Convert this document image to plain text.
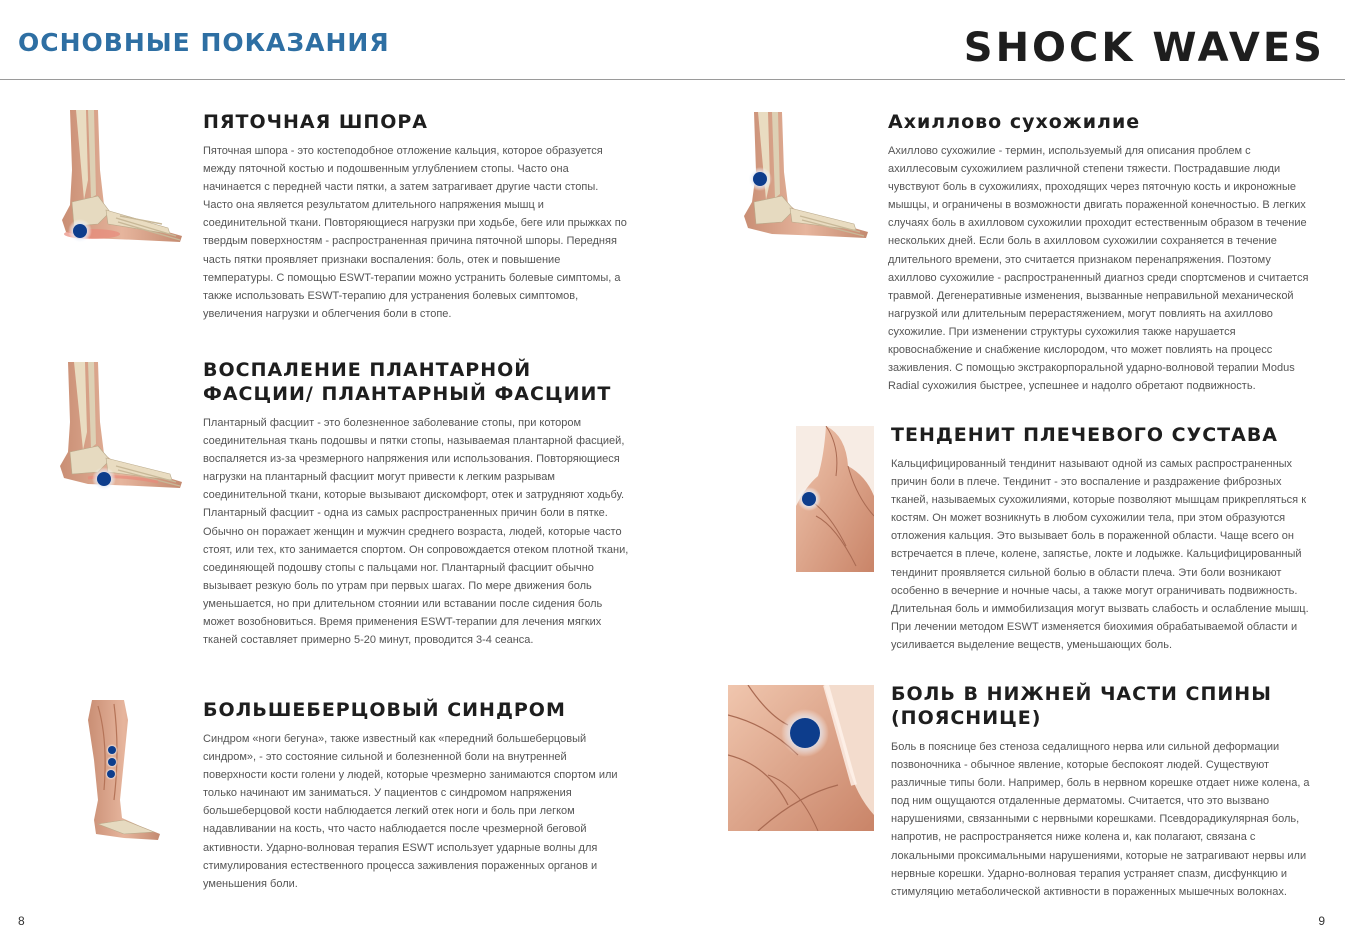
ОСНОВНЫЕ ПОКАЗАНИЯ	SHOCK WAVES
ПЯТОЧНАЯ ШПОРА

Пяточная шпора - это костеподобное отложение кальция, которое образуется между пяточной костью и подошвенным углублением стопы. Часто она начинается с передней части пятки, а затем затрагивает другие части стопы. Часто она является результатом длительного напряжения мышц и соединительной ткани. Повторяющиеся нагрузки при ходьбе, беге или прыжках по твердым поверхностям - распространенная причина пяточной шпоры. Передняя часть пятки проявляет признаки воспаления: боль, отек и повышение температуры. С помощью ESWT-терапии можно устранить болевые симптомы, а также использовать ESWT-терапию для устранения болевых симптомов, увеличения нагрузки и облегчения боли в стопе.

ВОСПАЛЕНИЕ ПЛАНТАРНОЙ ФАСЦИИ/ ПЛАНТАРНЫЙ ФАСЦИИТ

Плантарный фасциит - это болезненное заболевание стопы, при котором соединительная ткань подошвы и пятки стопы, называемая плантарной фасцией, воспаляется из-за чрезмерного напряжения или использования. Повторяющиеся нагрузки на плантарный фасциит могут привести к легким разрывам соединительной ткани, которые вызывают дискомфорт, отек и затрудняют ходьбу. Плантарный фасциит - одна из самых распространенных причин боли в пятке. Обычно он поражает женщин и мужчин среднего возраста, людей, которые часто стоят, или тех, кто занимается спортом. Он сопровождается отеком плотной ткани, соединяющей подошву стопы с пальцами ног. Плантарный фасциит обычно вызывает резкую боль по утрам при первых шагах. По мере движения боль уменьшается, но при длительном стоянии или вставании после сидения боль может возобновиться. Время применения ESWT-терапии для лечения мягких тканей составляет примерно 5-20 минут, проводится 3-4 сеанса.

БОЛЬШЕБЕРЦОВЫЙ СИНДРОМ

Синдром «ноги бегуна», также известный как «передний большеберцовый синдром», - это состояние сильной и болезненной боли на внутренней поверхности кости голени у людей, которые чрезмерно занимаются спортом или только начинают им заниматься. У пациентов с синдромом напряжения большеберцовой кости наблюдается легкий отек ноги и боль при легком надавливании на кость, что часто наблюдается после чрезмерной беговой активности. Ударно-волновая терапия ESWT использует ударные волны для стимулирования естественного процесса заживления пораженных органов и уменьшения боли.

Ахиллово сухожилие

Ахиллово сухожилие - термин, используемый для описания проблем с ахиллесовым сухожилием различной степени тяжести. Пострадавшие люди чувствуют боль в сухожилиях, проходящих через пяточную кость и икроножные мышцы, и ограничены в возможности двигать пораженной конечностью. В легких случаях боль в ахилловом сухожилии проходит естественным образом в течение нескольких дней. Если боль в ахилловом сухожилии сохраняется в течение длительного времени, это считается признаком перенапряжения. Поэтому ахиллово сухожилие - распространенный диагноз среди спортсменов и считается травмой. Дегенеративные изменения, вызванные неправильной механической нагрузкой или длительным перерастяжением, могут повлиять на ахиллово сухожилие. При изменении структуры сухожилия также нарушается кровоснабжение и снабжение кислородом, что может повлиять на процесс заживления. С помощью экстракорпоральной ударно-волновой терапии Modus Radial сухожилия быстрее, успешнее и надолго обретают подвижность.

ТЕНДЕНИТ ПЛЕЧЕВОГО СУСТАВА

Кальцифицированный тендинит называют одной из самых распространенных причин боли в плече. Тендинит - это воспаление и раздражение фиброзных тканей, называемых сухожилиями, которые позволяют мышцам прикрепляться к костям. Он может возникнуть в любом сухожилии тела, при этом образуются отложения кальция. Это вызывает боль в пораженной области. Чаще всего он встречается в плече, колене, запястье, локте и лодыжке. Кальцифицированный тендинит проявляется сильной болью в области плеча. Эти боли возникают особенно в вечерние и ночные часы, а также могут ограничивать подвижность. Длительная боль и иммобилизация могут вызвать слабость и ослабление мышц. При лечении методом ESWT изменяется биохимия обрабатываемой области и усиливается выделение веществ, уменьшающих боль.

БОЛЬ В НИЖНЕЙ ЧАСТИ СПИНЫ (ПОЯСНИЦЕ)

Боль в пояснице без стеноза седалищного нерва или сильной деформации позвоночника - обычное явление, которые беспокоят людей. Существуют различные типы боли. Например, боль в нервном корешке отдает ниже колена, а под ним ощущаются отдаленные дерматомы. Считается, что это вызвано нарушениями, связанными с нервными корешками. Псевдорадикулярная боль, напротив, не распространяется ниже колена и, как полагают, связана с локальными проксимальными нарушениями, которые не затрагивают нервы или нервные корешки. Ударно-волновая терапия устраняет спазм, дисфункцию и стимуляцию метаболической активности в пораженных мышечных волокнах.

8	9
